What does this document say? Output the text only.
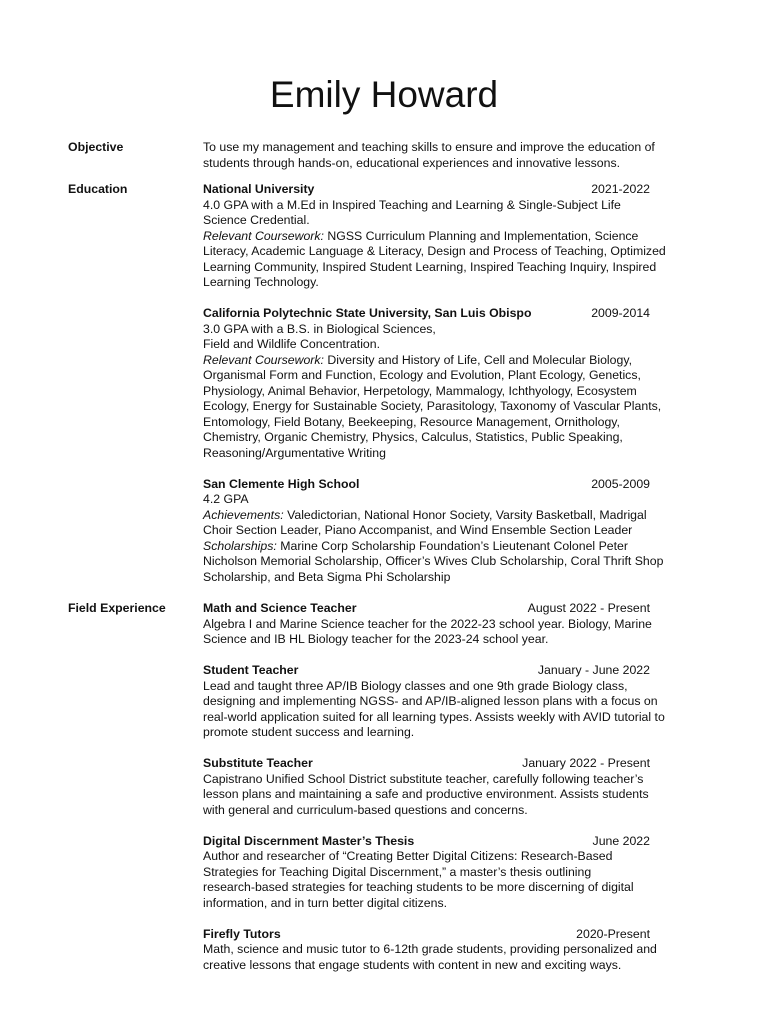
Emily Howard
Objective	To use my management and teaching skills to ensure and improve the education of
students through hands-on, educational experiences and innovative lessons.
Education	National University	2021-2022
4.0 GPA with a M.Ed in Inspired Teaching and Learning & Single-Subject Life
Science Credential.
Relevant Coursework: NGSS Curriculum Planning and Implementation, Science
Literacy, Academic Language & Literacy, Design and Process of Teaching, Optimized
Learning Community, Inspired Student Learning, Inspired Teaching Inquiry, Inspired
Learning Technology.
California Polytechnic State University, San Luis Obispo	2009-2014
3.0 GPA with a B.S. in Biological Sciences,
Field and Wildlife Concentration.
Relevant Coursework: Diversity and History of Life, Cell and Molecular Biology,
Organismal Form and Function, Ecology and Evolution, Plant Ecology, Genetics,
Physiology, Animal Behavior, Herpetology, Mammalogy, Ichthyology, Ecosystem
Ecology, Energy for Sustainable Society, Parasitology, Taxonomy of Vascular Plants,
Entomology, Field Botany, Beekeeping, Resource Management, Ornithology,
Chemistry, Organic Chemistry, Physics, Calculus, Statistics, Public Speaking,
Reasoning/Argumentative Writing
San Clemente High School	2005-2009
4.2 GPA
Achievements: Valedictorian, National Honor Society, Varsity Basketball, Madrigal
Choir Section Leader, Piano Accompanist, and Wind Ensemble Section Leader
Scholarships: Marine Corp Scholarship Foundation’s Lieutenant Colonel Peter
Nicholson Memorial Scholarship, Officer’s Wives Club Scholarship, Coral Thrift Shop
Scholarship, and Beta Sigma Phi Scholarship
Field Experience	Math and Science Teacher	August 2022 - Present
Algebra I and Marine Science teacher for the 2022-23 school year. Biology, Marine
Science and IB HL Biology teacher for the 2023-24 school year.
Student Teacher	January - June 2022
Lead and taught three AP/IB Biology classes and one 9th grade Biology class,
designing and implementing NGSS- and AP/IB-aligned lesson plans with a focus on
real-world application suited for all learning types. Assists weekly with AVID tutorial to
promote student success and learning.
Substitute Teacher	January 2022 - Present
Capistrano Unified School District substitute teacher, carefully following teacher’s
lesson plans and maintaining a safe and productive environment. Assists students
with general and curriculum-based questions and concerns.
Digital Discernment Master’s Thesis	June 2022
Author and researcher of “Creating Better Digital Citizens: Research-Based
Strategies for Teaching Digital Discernment,” a master’s thesis outlining
research-based strategies for teaching students to be more discerning of digital
information, and in turn better digital citizens.
Firefly Tutors	2020-Present
Math, science and music tutor to 6-12th grade students, providing personalized and
creative lessons that engage students with content in new and exciting ways.
